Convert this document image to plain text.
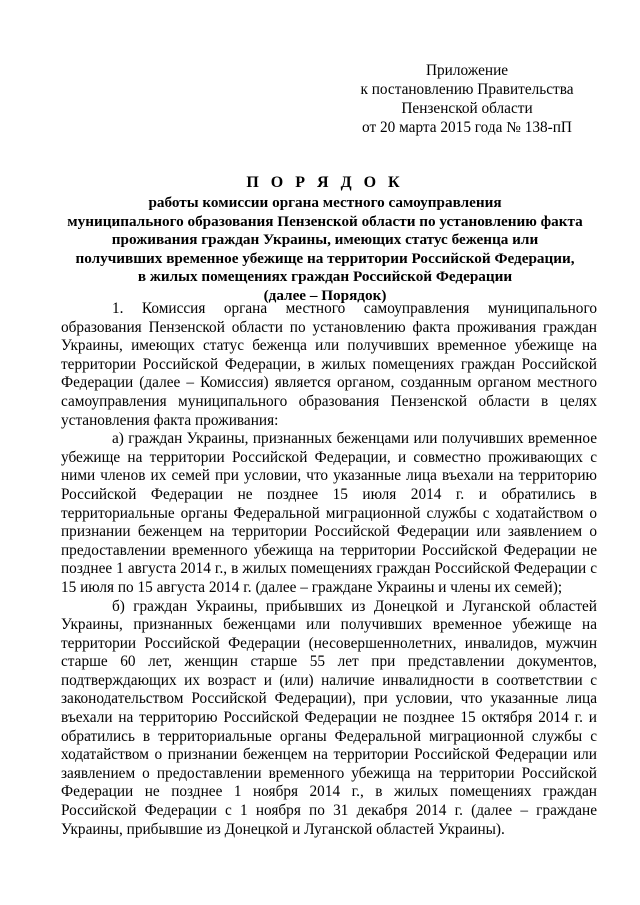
Приложение
к постановлению Правительства
Пензенской области
от 20 марта 2015 года № 138-пП
П О Р Я Д О К
работы комиссии органа местного самоуправления
муниципального образования Пензенской области по установлению факта
проживания граждан Украины, имеющих статус беженца или
получивших временное убежище на территории Российской Федерации,
в жилых помещениях граждан Российской Федерации
(далее – Порядок)

1. Комиссия органа местного самоуправления муниципального образования Пензенской области по установлению факта проживания граждан Украины, имеющих статус беженца или получивших временное убежище на территории Российской Федерации, в жилых помещениях граждан Российской Федерации (далее – Комиссия) является органом, созданным органом местного самоуправления муниципального образования Пензенской области в целях установления факта проживания:

а) граждан Украины, признанных беженцами или получивших временное убежище на территории Российской Федерации, и совместно проживающих с ними членов их семей при условии, что указанные лица въехали на территорию Российской Федерации не позднее 15 июля 2014 г. и обратились в территориальные органы Федеральной миграционной службы с ходатайством о признании беженцем на территории Российской Федерации или заявлением о предоставлении временного убежища на территории Российской Федерации не позднее 1 августа 2014 г., в жилых помещениях граждан Российской Федерации с 15 июля по 15 августа 2014 г. (далее – граждане Украины и члены их семей);

б) граждан Украины, прибывших из Донецкой и Луганской областей Украины, признанных беженцами или получивших временное убежище на территории Российской Федерации (несовершеннолетних, инвалидов, мужчин старше 60 лет, женщин старше 55 лет при представлении документов, подтверждающих их возраст и (или) наличие инвалидности в соответствии с законодательством Российской Федерации), при условии, что указанные лица въехали на территорию Российской Федерации не позднее 15 октября 2014 г. и обратились в территориальные органы Федеральной миграционной службы с ходатайством о признании беженцем на территории Российской Федерации или заявлением о предоставлении временного убежища на территории Российской Федерации не позднее 1 ноября 2014 г., в жилых помещениях граждан Российской Федерации с 1 ноября по 31 декабря 2014 г. (далее – граждане Украины, прибывшие из Донецкой и Луганской областей Украины).
